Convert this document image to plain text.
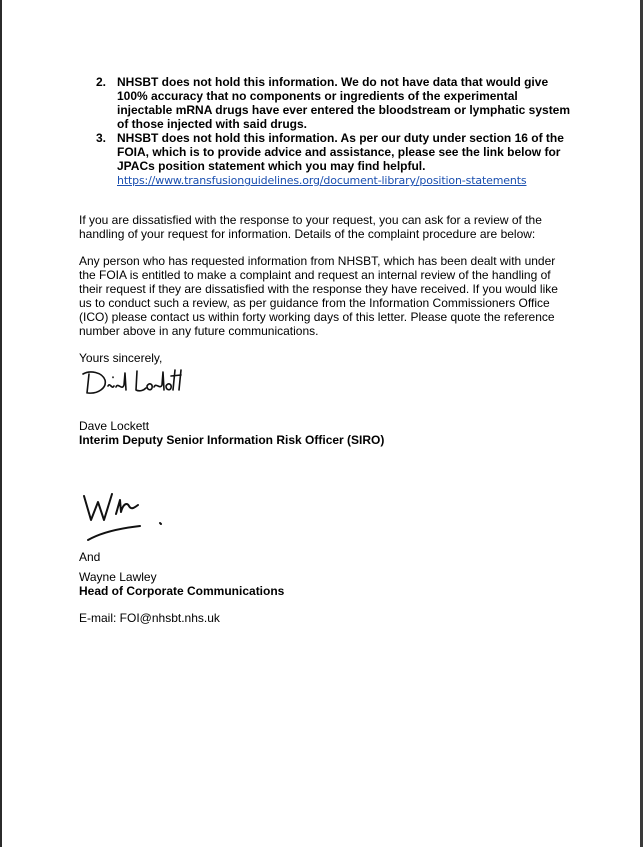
2. NHSBT does not hold this information. We do not have data that would give 100% accuracy that no components or ingredients of the experimental injectable mRNA drugs have ever entered the bloodstream or lymphatic system of those injected with said drugs.
3. NHSBT does not hold this information. As per our duty under section 16 of the FOIA, which is to provide advice and assistance, please see the link below for JPACs position statement which you may find helpful.
https://www.transfusionguidelines.org/document-library/position-statements

If you are dissatisfied with the response to your request, you can ask for a review of the handling of your request for information. Details of the complaint procedure are below:

Any person who has requested information from NHSBT, which has been dealt with under the FOIA is entitled to make a complaint and request an internal review of the handling of their request if they are dissatisfied with the response they have received. If you would like us to conduct such a review, as per guidance from the Information Commissioners Office (ICO) please contact us within forty working days of this letter. Please quote the reference number above in any future communications.

Yours sincerely,

Dave Lockett
Interim Deputy Senior Information Risk Officer (SIRO)
And
Wayne Lawley
Head of Corporate Communications
E-mail: FOI@nhsbt.nhs.uk
